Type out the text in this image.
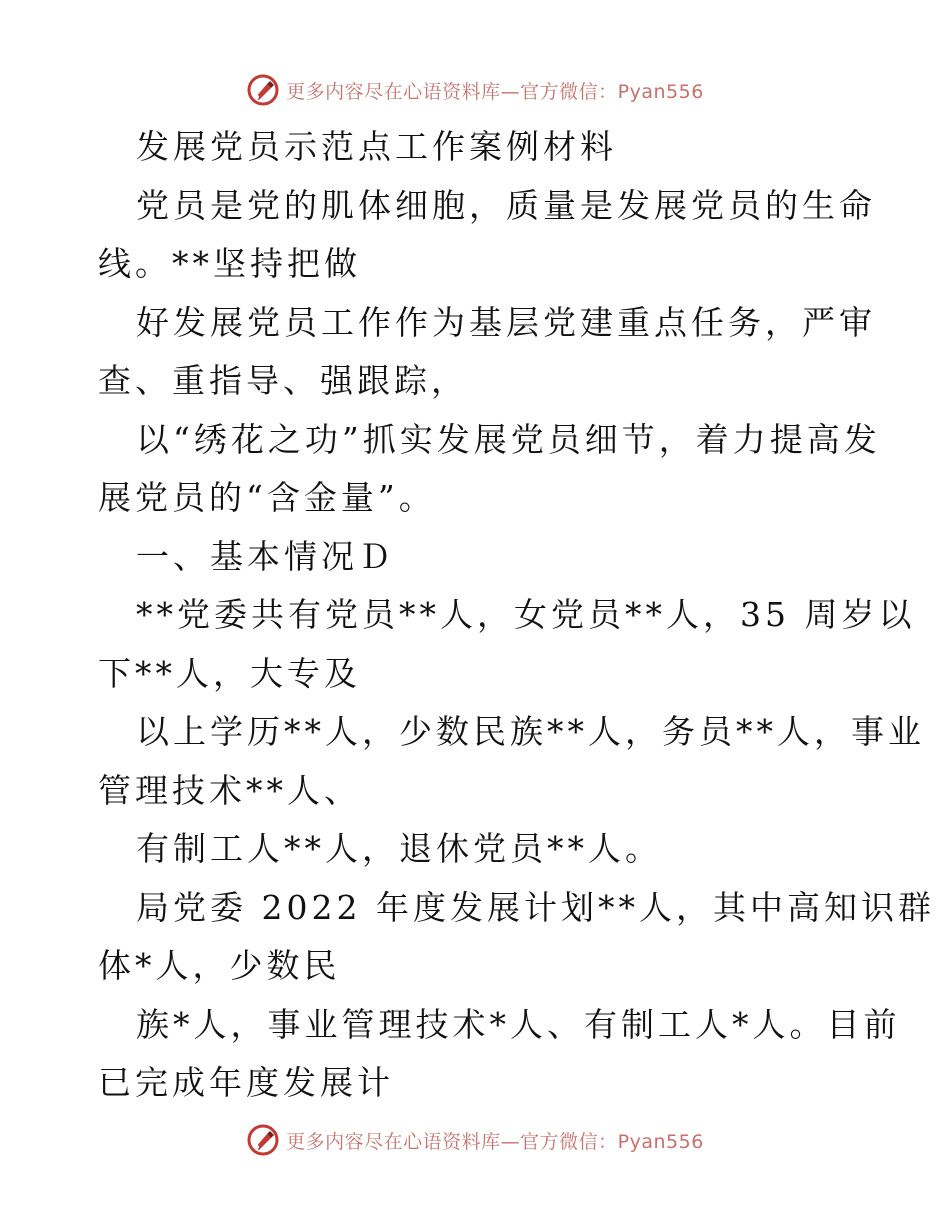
更多内容尽在心语资料库—官方微信：Pyan556
发展党员示范点工作案例材料
党员是党的肌体细胞，质量是发展党员的生命
线。**坚持把做
好发展党员工作作为基层党建重点任务，严审
查、重指导、强跟踪，
以“绣花之功”抓实发展党员细节，着力提高发
展党员的“含金量”。
一、基本情况Ｄ
**党委共有党员**人，女党员**人，35 周岁以
下**人，大专及
以上学历**人，少数民族**人，务员**人，事业
管理技术**人、
有制工人**人，退休党员**人。
局党委 2022 年度发展计划**人，其中高知识群
体*人，少数民
族*人，事业管理技术*人、有制工人*人。目前
已完成年度发展计
更多内容尽在心语资料库—官方微信：Pyan556
